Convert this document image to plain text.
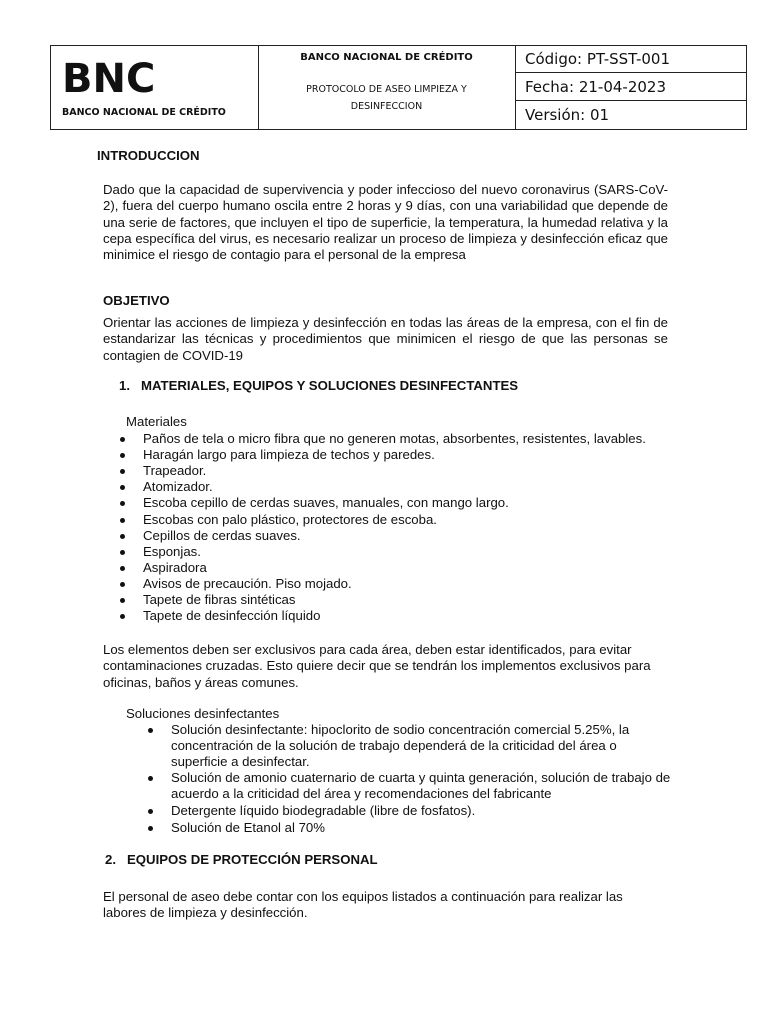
BNC
BANCO NACIONAL DE CRÉDITO
BANCO NACIONAL DE CRÉDITO
PROTOCOLO DE ASEO LIMPIEZA Y DESINFECCION
Código: PT-SST-001
Fecha: 21-04-2023
Versión: 01
INTRODUCCION
Dado que la capacidad de supervivencia y poder infeccioso del nuevo coronavirus (SARS-CoV-2), fuera del cuerpo humano oscila entre 2 horas y 9 días, con una variabilidad que depende de una serie de factores, que incluyen el tipo de superficie, la temperatura, la humedad relativa y la cepa específica del virus, es necesario realizar un proceso de limpieza y desinfección eficaz que minimice el riesgo de contagio para el personal de la empresa
OBJETIVO
Orientar las acciones de limpieza y desinfección en todas las áreas de la empresa, con el fin de estandarizar las técnicas y procedimientos que minimicen el riesgo de que las personas se contagien de COVID-19
1.   MATERIALES, EQUIPOS Y SOLUCIONES DESINFECTANTES
Materiales
Paños de tela o micro fibra que no generen motas, absorbentes, resistentes, lavables.
Haragán largo para limpieza de techos y paredes.
Trapeador.
Atomizador.
Escoba cepillo de cerdas suaves, manuales, con mango largo.
Escobas con palo plástico, protectores de escoba.
Cepillos de cerdas suaves.
Esponjas.
Aspiradora
Avisos de precaución. Piso mojado.
Tapete de fibras sintéticas
Tapete de desinfección líquido
Los elementos deben ser exclusivos para cada área, deben estar identificados, para evitar contaminaciones cruzadas. Esto quiere decir que se tendrán los implementos exclusivos para oficinas, baños y áreas comunes.
Soluciones desinfectantes
Solución desinfectante: hipoclorito de sodio concentración comercial 5.25%, la concentración de la solución de trabajo dependerá de la criticidad del área o superficie a desinfectar.
Solución de amonio cuaternario de cuarta y quinta generación, solución de trabajo de acuerdo a la criticidad del área y recomendaciones del fabricante
Detergente líquido biodegradable (libre de fosfatos).
Solución de Etanol al 70%
2.   EQUIPOS DE PROTECCIÓN PERSONAL
El personal de aseo debe contar con los equipos listados a continuación para realizar las labores de limpieza y desinfección.
